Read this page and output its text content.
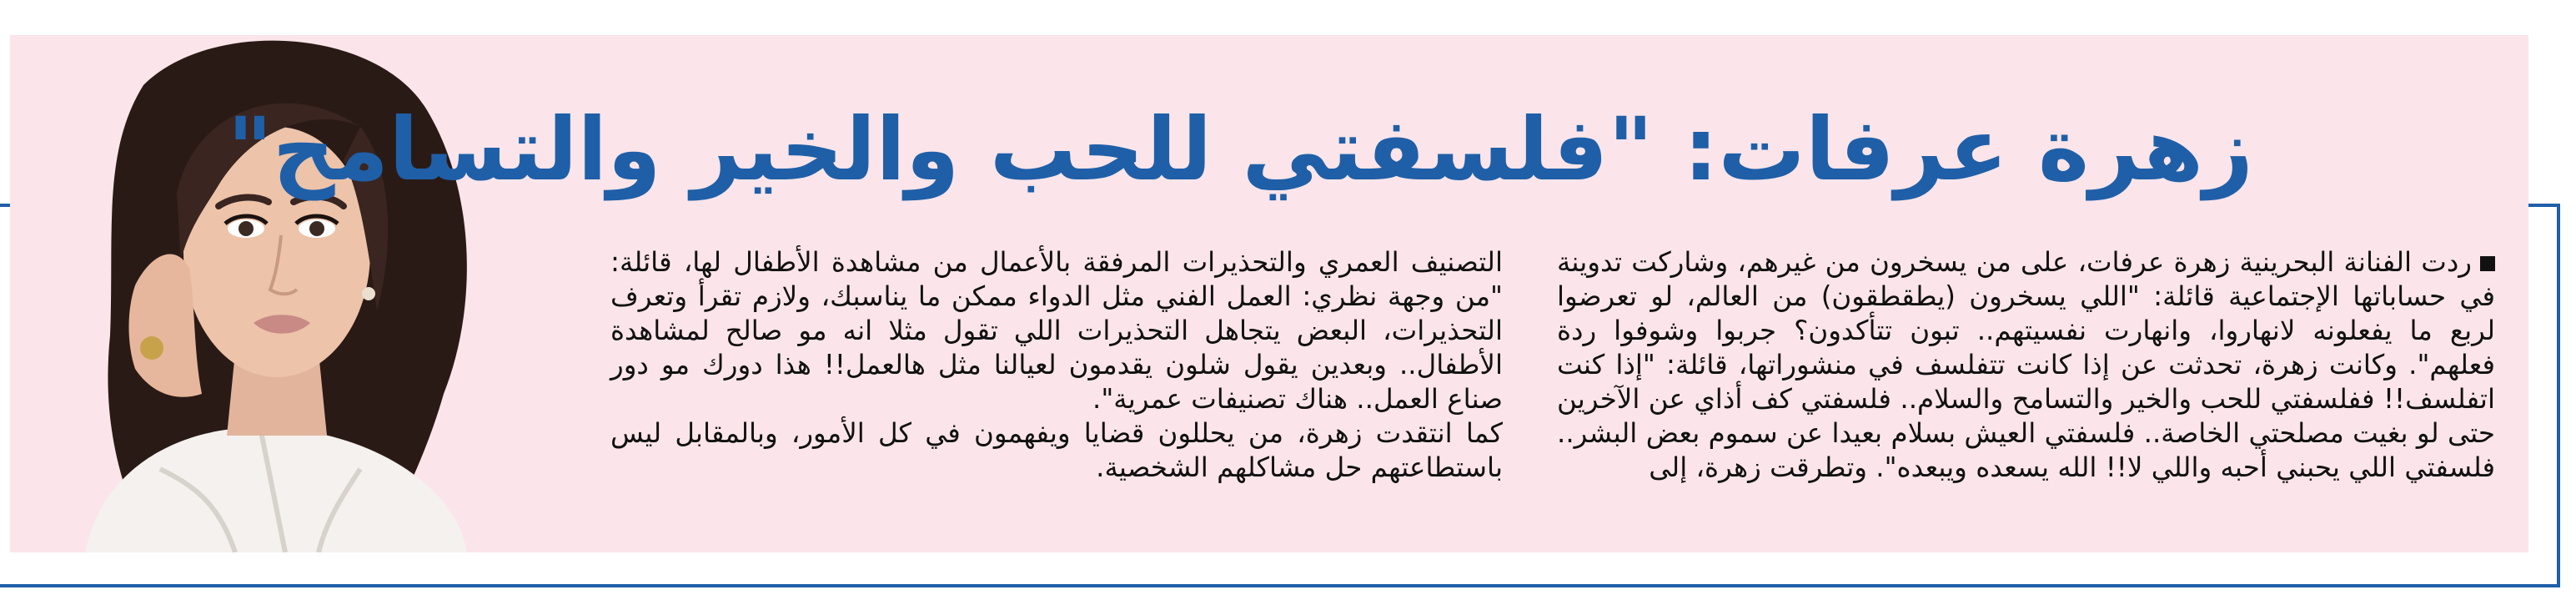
زهرة عرفات: "فلسفتي للحب والخير والتسامح"

ردت الفنانة البحرينية زهرة عرفات، على من يسخرون من غيرهم، وشاركت تدوينة في حساباتها الإجتماعية قائلة: "اللي يسخرون (يطقطقون) من العالم، لو تعرضوا لربع ما يفعلونه لانهاروا، وانهارت نفسيتهم.. تبون تتأكدون؟ جربوا وشوفوا ردة فعلهم". وكانت زهرة، تحدثت عن إذا كانت تتفلسف في منشوراتها، قائلة: "إذا كنت اتفلسف!! ففلسفتي للحب والخير والتسامح والسلام.. فلسفتي كف أذاي عن الآخرين حتى لو بغيت مصلحتي الخاصة.. فلسفتي العيش بسلام بعيدا عن سموم بعض البشر.. فلسفتي اللي يحبني أحبه واللي لا!! الله يسعده ويبعده". وتطرقت زهرة، إلى

التصنيف العمري والتحذيرات المرفقة بالأعمال من مشاهدة الأطفال لها، قائلة: "من وجهة نظري: العمل الفني مثل الدواء ممكن ما يناسبك، ولازم تقرأ وتعرف التحذيرات، البعض يتجاهل التحذيرات اللي تقول مثلا انه مو صالح لمشاهدة الأطفال.. وبعدين يقول شلون يقدمون لعيالنا مثل هالعمل!! هذا دورك مو دور صناع العمل.. هناك تصنيفات عمرية".

كما انتقدت زهرة، من يحللون قضايا ويفهمون في كل الأمور، وبالمقابل ليس باستطاعتهم حل مشاكلهم الشخصية.
